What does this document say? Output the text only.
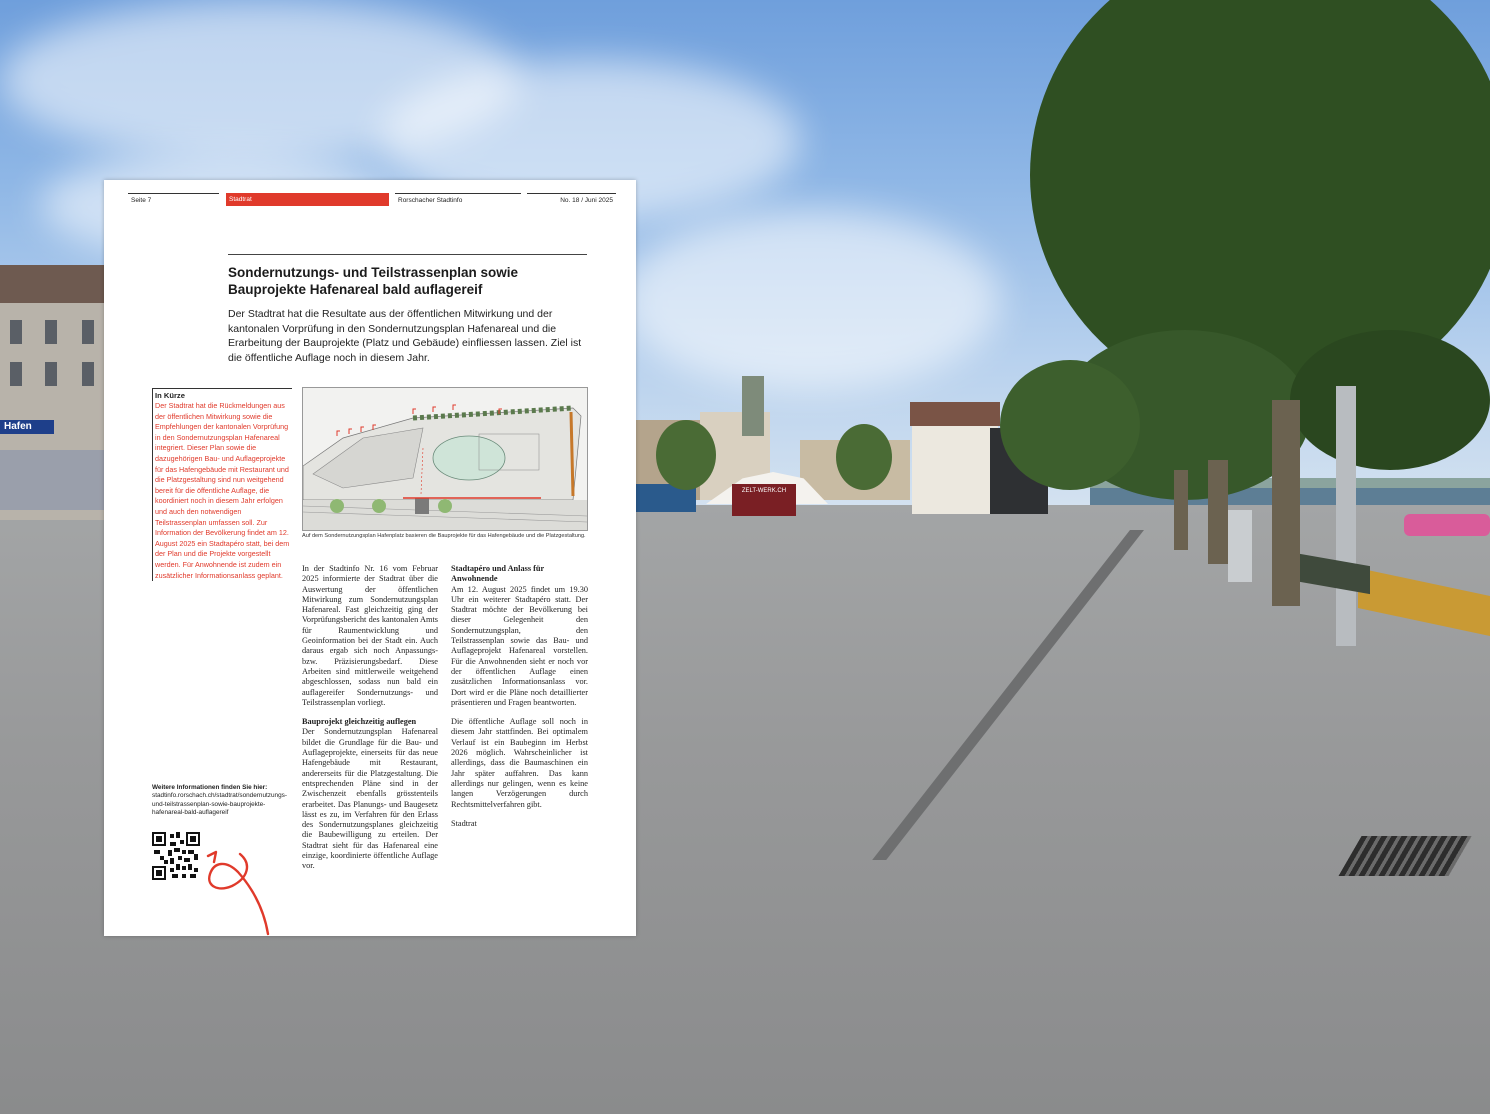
Hafen
ZELT-WERK.CH
Seite 7	Stadtrat	Rorschacher Stadtinfo	No. 18 / Juni 2025
Sondernutzungs- und Teilstrassenplan sowie Bauprojekte Hafenareal bald auflagereif
Der Stadtrat hat die Resultate aus der öffentlichen Mitwirkung und der kantonalen Vorprüfung in den Sondernutzungsplan Hafenareal und die Erarbeitung der Bauprojekte (Platz und Gebäude) einfliessen lassen. Ziel ist die öffentliche Auflage noch in diesem Jahr.
In Kürze
Der Stadtrat hat die Rückmeldungen aus der öffentlichen Mitwirkung sowie die Empfehlungen der kantonalen Vorprüfung in den Sondernutzungsplan Hafenareal integriert. Dieser Plan sowie die dazugehörigen Bau- und Auflageprojekte für das Hafengebäude mit Restaurant und die Platzgestaltung sind nun weitgehend bereit für die öffentliche Auflage, die koordiniert noch in diesem Jahr erfolgen und auch den notwendigen Teilstrassenplan umfassen soll. Zur Information der Bevölkerung findet am 12. August 2025 ein Stadtapéro statt, bei dem der Plan und die Projekte vorgestellt werden. Für Anwohnende ist zudem ein zusätzlicher Informationsanlass geplant.
Auf dem Sondernutzungsplan Hafenplatz basieren die Bauprojekte für das Hafengebäude und die Platzgestaltung.

In der Stadtinfo Nr. 16 vom Februar 2025 informierte der Stadtrat über die Auswertung der öffentlichen Mitwirkung zum Sondernutzungsplan Hafenareal. Fast gleichzeitig ging der Vorprüfungsbericht des kantonalen Amts für Raumentwicklung und Geoinformation bei der Stadt ein. Auch daraus ergab sich noch Anpassungs- bzw. Präzisierungsbedarf. Diese Arbeiten sind mittlerweile weitgehend abgeschlossen, sodass nun bald ein auflagereifer Sondernutzungs- und Teilstrassenplan vorliegt.

Bauprojekt gleichzeitig auflegen

Der Sondernutzungsplan Hafenareal bildet die Grundlage für die Bau- und Auflageprojekte, einerseits für das neue Hafengebäude mit Restaurant, andererseits für die Platzgestaltung. Die entsprechenden Pläne sind in der Zwischenzeit ebenfalls grösstenteils erarbeitet. Das Planungs- und Baugesetz lässt es zu, im Verfahren für den Erlass des Sondernutzungsplanes gleichzeitig die Baubewilligung zu erteilen. Der Stadtrat sieht für das Hafenareal eine einzige, koordinierte öffentliche Auflage vor.

Stadtapéro und Anlass für Anwohnende

Am 12. August 2025 findet um 19.30 Uhr ein weiterer Stadtapéro statt. Der Stadtrat möchte der Bevölkerung bei dieser Gelegenheit den Sondernutzungsplan, den Teilstrassenplan sowie das Bau- und Auflageprojekt Hafenareal vorstellen. Für die Anwohnenden sieht er noch vor der öffentlichen Auflage einen zusätzlichen Informationsanlass vor. Dort wird er die Pläne noch detaillierter präsentieren und Fragen beantworten.

Die öffentliche Auflage soll noch in diesem Jahr stattfinden. Bei optimalem Verlauf ist ein Baubeginn im Herbst 2026 möglich. Wahrscheinlicher ist allerdings, dass die Baumaschinen ein Jahr später auffahren. Das kann allerdings nur gelingen, wenn es keine langen Verzögerungen durch Rechtsmittelverfahren gibt.

Stadtrat

Weitere Informationen finden Sie hier:
stadtinfo.rorschach.ch/stadtrat/sondernutzungs-und-teilstrassenplan-sowie-bauprojekte-hafenareal-bald-auflagereif
